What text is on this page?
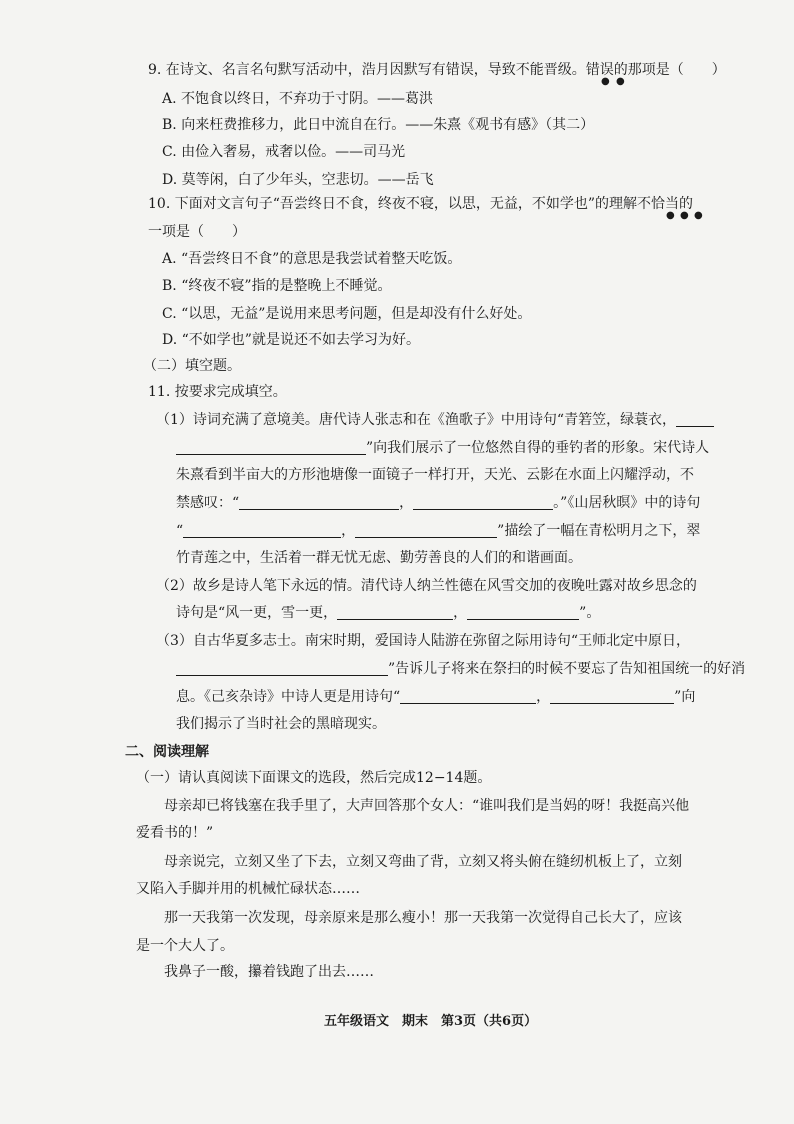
9. 在诗文、名言名句默写活动中，浩月因默写有错误，导致不能晋级。错误的那项是（　　）
● ●
A. 不饱食以终日，不弃功于寸阴。——葛洪
B. 向来枉费推移力，此日中流自在行。——朱熹《观书有感》（其二）
C. 由俭入奢易，戒奢以俭。——司马光
D. 莫等闲，白了少年头，空悲切。——岳飞
10. 下面对文言句子“吾尝终日不食，终夜不寝，以思，无益，不如学也”的理解不恰当的
● ● ●
一项是（　　）
A. “吾尝终日不食”的意思是我尝试着整天吃饭。
B. “终夜不寝”指的是整晚上不睡觉。
C. “以思，无益”是说用来思考问题，但是却没有什么好处。
D. “不如学也”就是说还不如去学习为好。
（二）填空题。
11. 按要求完成填空。
（1）诗词充满了意境美。唐代诗人张志和在《渔歌子》中用诗句“青箬笠，绿蓑衣，
”向我们展示了一位悠然自得的垂钓者的形象。宋代诗人
朱熹看到半亩大的方形池塘像一面镜子一样打开，天光、云影在水面上闪耀浮动，不
禁感叹：“	，	。”《山居秋暝》中的诗句
“	，	”描绘了一幅在青松明月之下，翠
竹青莲之中，生活着一群无忧无虑、勤劳善良的人们的和谐画面。
（2）故乡是诗人笔下永远的情。清代诗人纳兰性德在风雪交加的夜晚吐露对故乡思念的
诗句是“风一更，雪一更，	，	”。
（3）自古华夏多志士。南宋时期，爱国诗人陆游在弥留之际用诗句“王师北定中原日，
”告诉儿子将来在祭扫的时候不要忘了告知祖国统一的好消
息。《己亥杂诗》中诗人更是用诗句“	，	”向
我们揭示了当时社会的黑暗现实。
二、阅读理解
（一）请认真阅读下面课文的选段，然后完成12−14题。
母亲却已将钱塞在我手里了，大声回答那个女人：“谁叫我们是当妈的呀！我挺高兴他
爱看书的！”
母亲说完，立刻又坐了下去，立刻又弯曲了背，立刻又将头俯在缝纫机板上了，立刻
又陷入手脚并用的机械忙碌状态……
那一天我第一次发现，母亲原来是那么瘦小！那一天我第一次觉得自己长大了，应该
是一个大人了。
我鼻子一酸，攥着钱跑了出去……
五年级语文　期末　第3页（共6页）
